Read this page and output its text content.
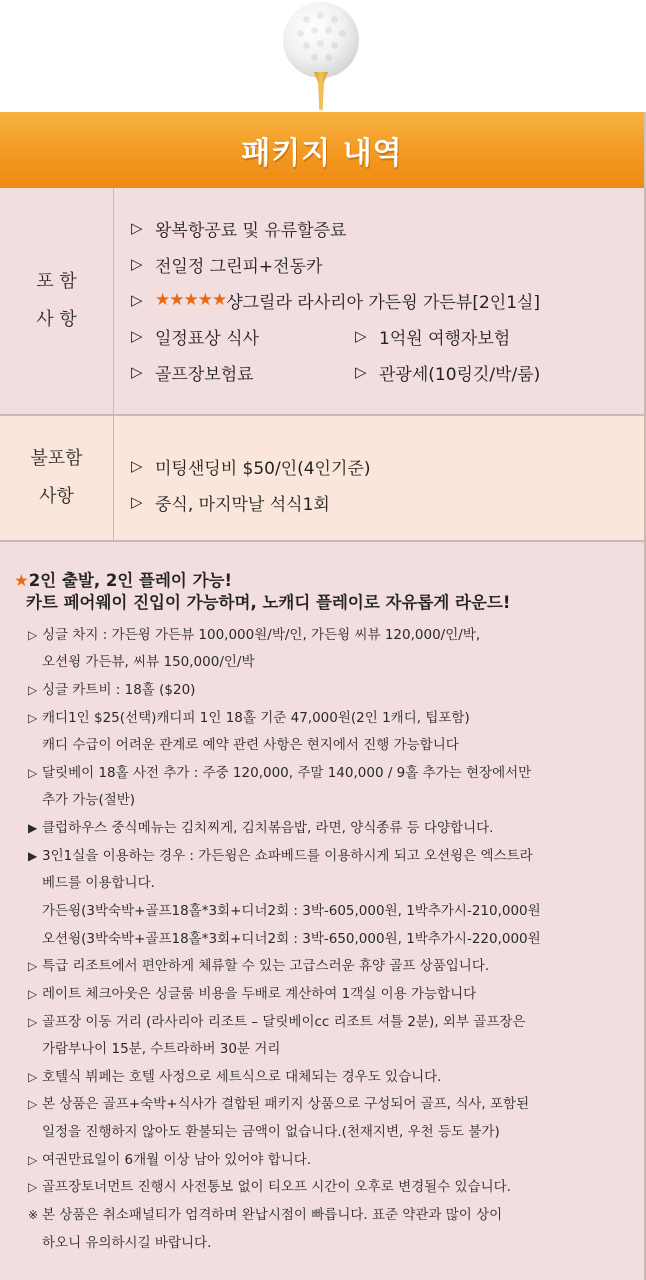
패키지 내역
포 함
사 항
▷ 왕복항공료 및 유류할증료
▷ 전일정 그린피+전동카
▷ ★★★★★ 샹그릴라 라사리아 가든윙 가든뷰[2인1실]
▷ 일정표상 식사	▷ 1억원 여행자보험
▷ 골프장보험료	▷ 관광세(10링깃/박/룸)
불포함
사항
▷ 미팅샌딩비 $50/인(4인기준)
▷ 중식, 마지막날 석식1회
★2인 출발, 2인 플레이 가능!
카트 페어웨이 진입이 가능하며, 노캐디 플레이로 자유롭게 라운드!
▷ 싱글 차지 : 가든윙 가든뷰 100,000원/박/인, 가든윙 씨뷰 120,000/인/박,
오션윙 가든뷰, 씨뷰 150,000/인/박
▷ 싱글 카트비 : 18홀 ($20)
▷ 캐디1인 $25(선택)캐디피 1인 18홀 기준 47,000원(2인 1캐디, 팁포함)
캐디 수급이 어려운 관계로 예약 관련 사항은 현지에서 진행 가능합니다
▷ 달릿베이 18홀 사전 추가 : 주중 120,000, 주말 140,000 / 9홀 추가는 현장에서만
추가 가능(절반)
▶ 클럽하우스 중식메뉴는 김치찌게, 김치볶음밥, 라면, 양식종류 등 다양합니다.
▶ 3인1실을 이용하는 경우 : 가든윙은 쇼파베드를 이용하시게 되고 오션윙은 엑스트라
베드를 이용합니다.
가든윙(3박숙박+골프18홀*3회+디너2회 : 3박-605,000원, 1박추가시-210,000원
오션윙(3박숙박+골프18홀*3회+디너2회 : 3박-650,000원, 1박추가시-220,000원
▷ 특급 리조트에서 편안하게 체류할 수 있는 고급스러운 휴양 골프 상품입니다.
▷ 레이트 체크아웃은 싱글룸 비용을 두배로 계산하여 1객실 이용 가능합니다
▷ 골프장 이동 거리 (라사리아 리조트 – 달릿베이cc 리조트 셔틀 2분), 외부 골프장은
가람부나이 15분, 수트라하버 30분 거리
▷ 호텔식 뷔페는 호텔 사정으로 세트식으로 대체되는 경우도 있습니다.
▷ 본 상품은 골프+숙박+식사가 결합된 패키지 상품으로 구성되어 골프, 식사, 포함된
일정을 진행하지 않아도 환불되는 금액이 없습니다.(천재지변, 우천 등도 불가)
▷ 여권만료일이 6개월 이상 남아 있어야 합니다.
▷ 골프장토너먼트 진행시 사전통보 없이 티오프 시간이 오후로 변경될수 있습니다.
※ 본 상품은 취소패널티가 엄격하며 완납시점이 빠릅니다. 표준 약관과 많이 상이
하오니 유의하시길 바랍니다.
